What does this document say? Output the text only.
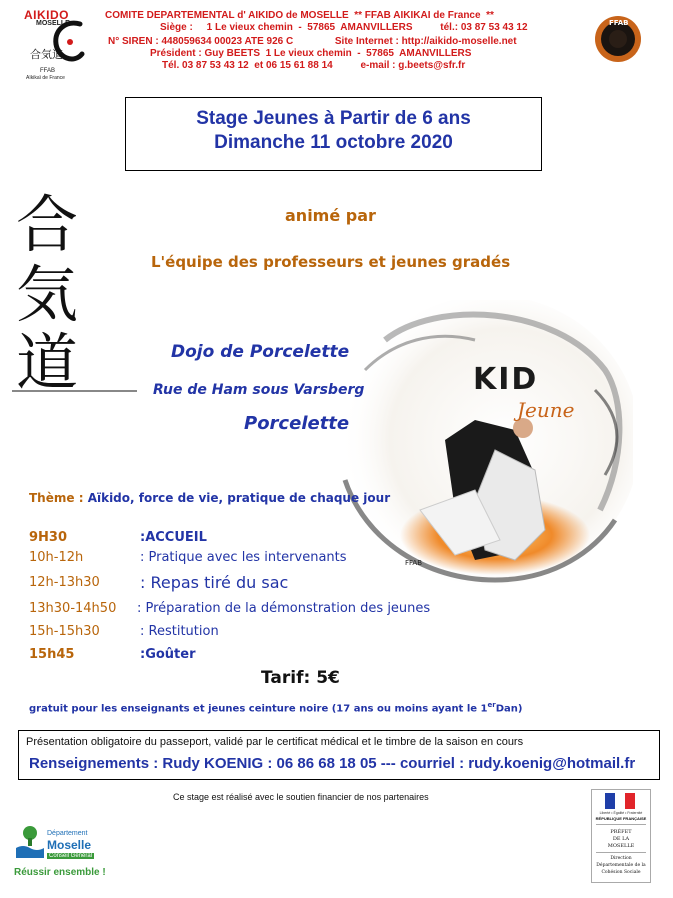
AIKIDO
MOSELLE
合気道
FFAB
Aïkikaï de France
COMITE DEPARTEMENTAL d' AIKIDO de MOSELLE  ** FFAB AIKIKAI de France  **
Siège :     1 Le vieux chemin  -  57865  AMANVILLERS          tél.: 03 87 53 43 12
N° SIREN : 448059634 00023 ATE 926 C               Site Internet : http://aikido-moselle.net
Président : Guy BEETS  1 Le vieux chemin  -  57865  AMANVILLERS
Tél. 03 87 53 43 12  et 06 15 61 88 14          e-mail : g.beets@sfr.fr
FFAB
Stage Jeunes à Partir de 6 ans
Dimanche 11 octobre 2020
合
気
道
FFAB
KID
Jeune
animé par
L'équipe des professeurs et jeunes gradés
Dojo de Porcelette
Rue de Ham sous Varsberg
Porcelette
Thème : Aïkido, force de vie, pratique de chaque jour
9H30	:ACCUEIL
10h-12h	: Pratique avec les intervenants
12h-13h30	: Repas tiré du sac
13h30-14h50 : Préparation de la démonstration des jeunes
15h-15h30	: Restitution
15h45	:Goûter
Tarif: 5€
gratuit pour les enseignants et jeunes ceinture noire (17 ans ou moins ayant le 1erDan)
Présentation obligatoire du passeport, validé par le certificat médical et le timbre de la saison en cours
Renseignements : Rudy KOENIG : 06 86 68 18 05 --- courriel : rudy.koenig@hotmail.fr
Ce stage est réalisé avec le soutien financier de nos partenaires
Département
Moselle
Conseil Général
Réussir ensemble !
Liberté • Égalité • Fraternité
RÉPUBLIQUE FRANÇAISE
PRÉFET
DE LA
MOSELLE
Direction
Départementale de la
Cohésion Sociale
